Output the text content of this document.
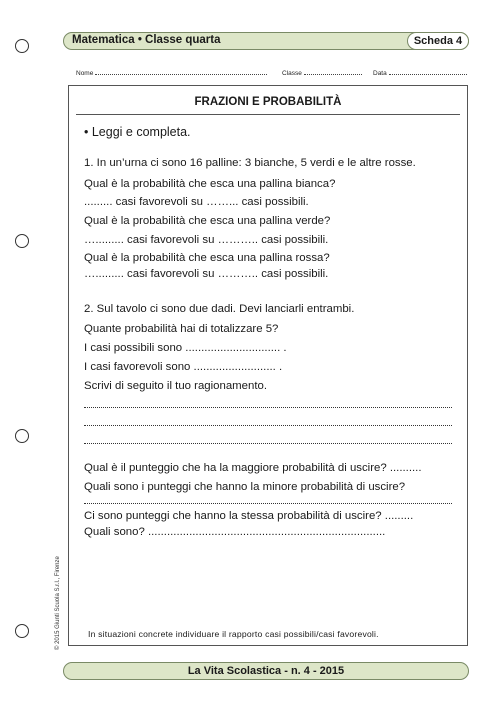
Matematica • Classe quarta	Scheda 4
Nome	Classe	Data
FRAZIONI E PROBABILITÀ
• Leggi e completa.
1. In un’urna ci sono 16 palline: 3 bianche, 5 verdi e le altre rosse.
Qual è la probabilità che esca una pallina bianca?
......... casi favorevoli su ……... casi possibili.
Qual è la probabilità che esca una pallina verde?
…......... casi favorevoli su ……….. casi possibili.
Qual è la probabilità che esca una pallina rossa?
…......... casi favorevoli su ……….. casi possibili.
2. Sul tavolo ci sono due dadi. Devi lanciarli entrambi.
Quante probabilità hai di totalizzare 5?
I casi possibili sono .............................. .
I casi favorevoli sono .......................... .
Scrivi di seguito il tuo ragionamento.
Qual è il punteggio che ha la maggiore probabilità di uscire? ..........
Quali sono i punteggi che hanno la minore probabilità di uscire?
Ci sono punteggi che hanno la stessa probabilità di uscire? .........
Quali sono? ...........................................................................
In situazioni concrete individuare il rapporto casi possibili/casi favorevoli.
© 2015 Giunti Scuola S.r.l., Firenze
La Vita Scolastica - n. 4 - 2015
